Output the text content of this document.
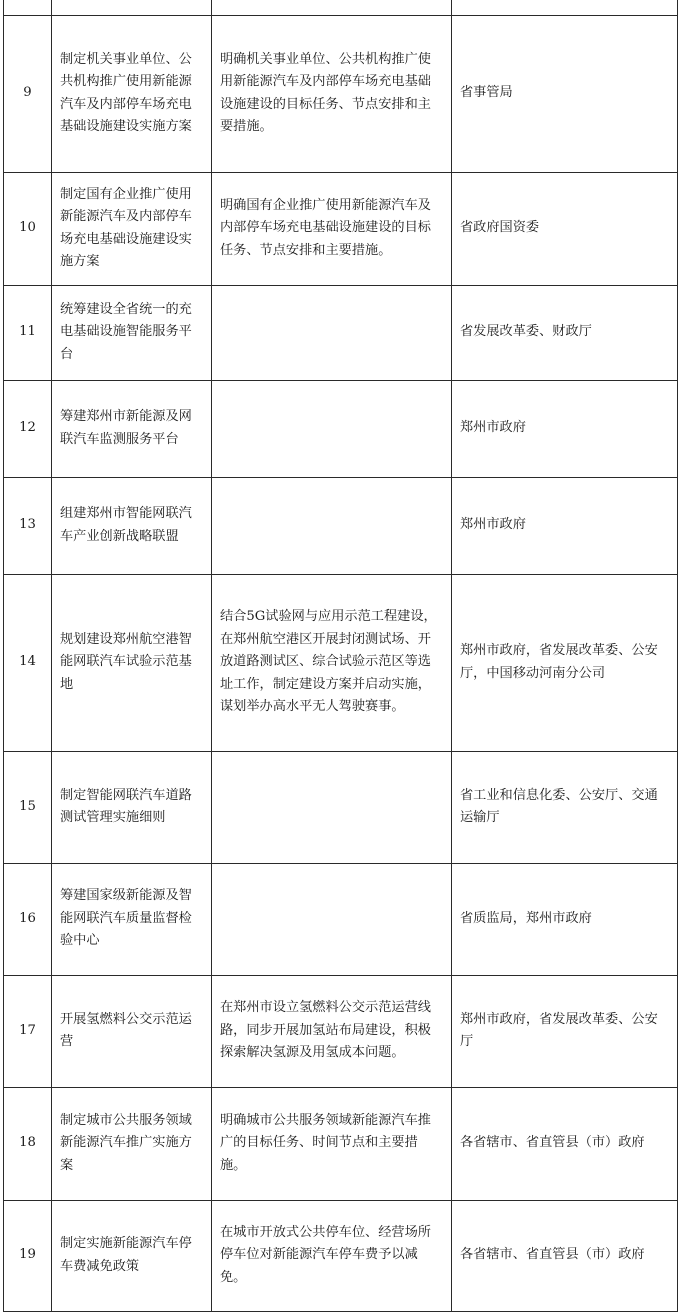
9	制定机关事业单位、公共机构推广使用新能源汽车及内部停车场充电基础设施建设实施方案	明确机关事业单位、公共机构推广使用新能源汽车及内部停车场充电基础设施建设的目标任务、节点安排和主要措施。	省事管局
10	制定国有企业推广使用新能源汽车及内部停车场充电基础设施建设实施方案	明确国有企业推广使用新能源汽车及内部停车场充电基础设施建设的目标任务、节点安排和主要措施。	省政府国资委
11	统筹建设全省统一的充电基础设施智能服务平台		省发展改革委、财政厅
12	筹建郑州市新能源及网联汽车监测服务平台		郑州市政府
13	组建郑州市智能网联汽车产业创新战略联盟		郑州市政府
14	规划建设郑州航空港智能网联汽车试验示范基地	结合5G试验网与应用示范工程建设，在郑州航空港区开展封闭测试场、开放道路测试区、综合试验示范区等选址工作，制定建设方案并启动实施，谋划举办高水平无人驾驶赛事。	郑州市政府，省发展改革委、公安厅，中国移动河南分公司
15	制定智能网联汽车道路测试管理实施细则		省工业和信息化委、公安厅、交通运输厅
16	筹建国家级新能源及智能网联汽车质量监督检验中心		省质监局，郑州市政府
17	开展氢燃料公交示范运营	在郑州市设立氢燃料公交示范运营线路，同步开展加氢站布局建设，积极探索解决氢源及用氢成本问题。	郑州市政府，省发展改革委、公安厅
18	制定城市公共服务领域新能源汽车推广实施方案	明确城市公共服务领域新能源汽车推广的目标任务、时间节点和主要措施。	各省辖市、省直管县（市）政府
19	制定实施新能源汽车停车费减免政策	在城市开放式公共停车位、经营场所停车位对新能源汽车停车费予以减免。	各省辖市、省直管县（市）政府
